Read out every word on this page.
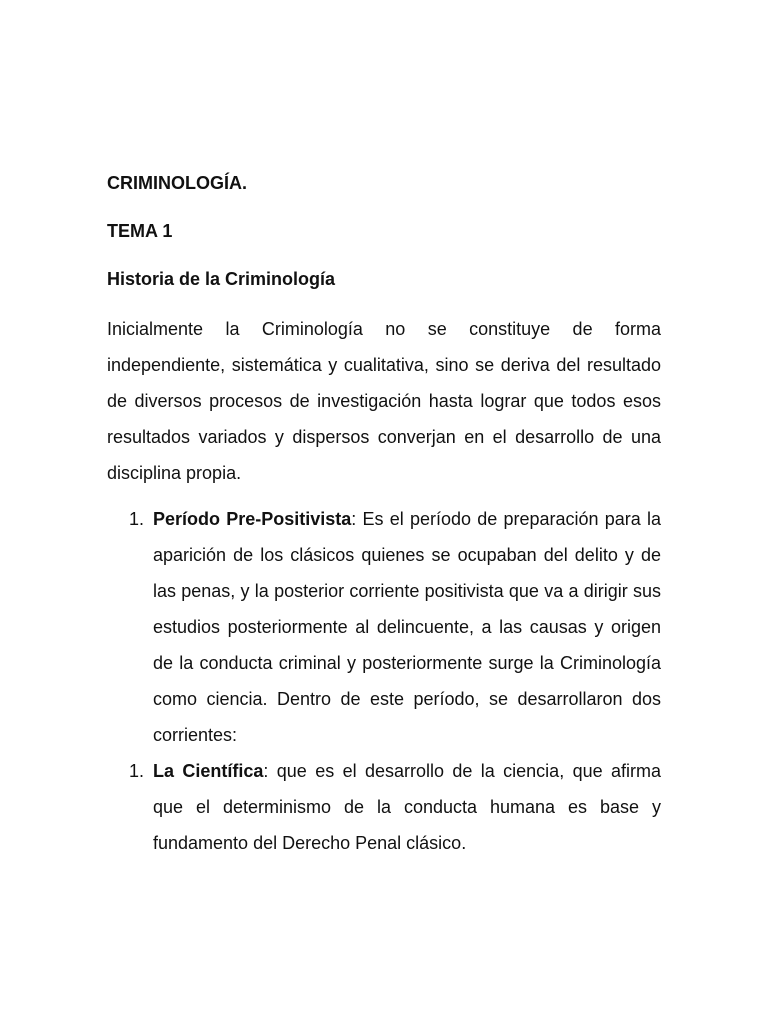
CRIMINOLOGÍA.

TEMA 1

Historia de la Criminología

Inicialmente la Criminología no se constituye de forma independiente, sistemática y cualitativa, sino se deriva del resultado de diversos procesos de investigación hasta lograr que todos esos resultados variados y dispersos converjan en el desarrollo de una disciplina propia.

1. Período Pre-Positivista: Es el período de preparación para la aparición de los clásicos quienes se ocupaban del delito y de las penas, y la posterior corriente positivista que va a dirigir sus estudios posteriormente al delincuente, a las causas y origen de la conducta criminal y posteriormente surge la Criminología como ciencia. Dentro de este período, se desarrollaron dos corrientes:
1. La Científica: que es el desarrollo de la ciencia, que afirma que el determinismo de la conducta humana es base y fundamento del Derecho Penal clásico.
